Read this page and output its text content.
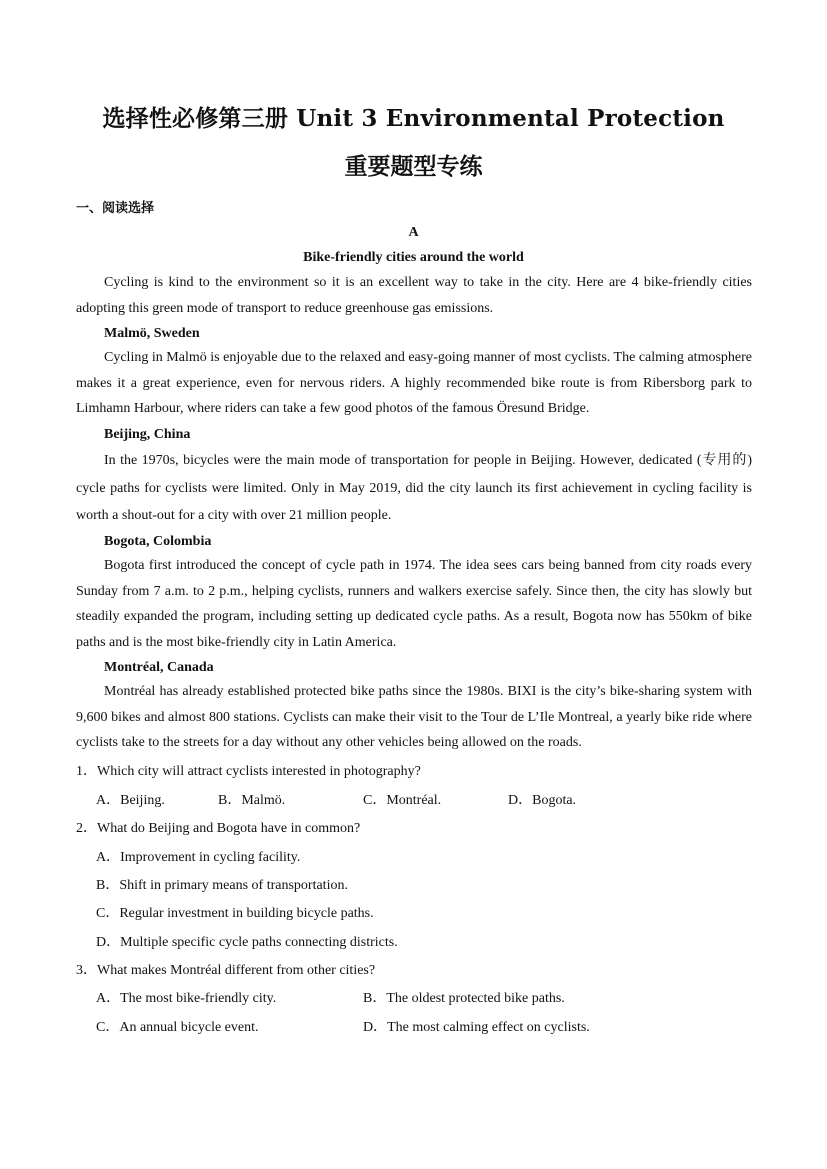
选择性必修第三册 Unit 3 Environmental Protection
重要题型专练
一、阅读选择
A
Bike-friendly cities around the world
Cycling is kind to the environment so it is an excellent way to take in the city. Here are 4 bike-friendly cities adopting this green mode of transport to reduce greenhouse gas emissions.
Malmö, Sweden
Cycling in Malmö is enjoyable due to the relaxed and easy-going manner of most cyclists. The calming atmosphere makes it a great experience, even for nervous riders. A highly recommended bike route is from Ribersborg park to Limhamn Harbour, where riders can take a few good photos of the famous Öresund Bridge.
Beijing, China
In the 1970s, bicycles were the main mode of transportation for people in Beijing. However, dedicated (专用的) cycle paths for cyclists were limited. Only in May 2019, did the city launch its first achievement in cycling facility is worth a shout-out for a city with over 21 million people.
Bogota, Colombia
Bogota first introduced the concept of cycle path in 1974. The idea sees cars being banned from city roads every Sunday from 7 a.m. to 2 p.m., helping cyclists, runners and walkers exercise safely. Since then, the city has slowly but steadily expanded the program, including setting up dedicated cycle paths. As a result, Bogota now has 550km of bike paths and is the most bike-friendly city in Latin America.
Montréal, Canada
Montréal has already established protected bike paths since the 1980s. BIXI is the city’s bike-sharing system with 9,600 bikes and almost 800 stations. Cyclists can make their visit to the Tour de L’Ile Montreal, a yearly bike ride where cyclists take to the streets for a day without any other vehicles being allowed on the roads.
1．Which city will attract cyclists interested in photography?
A．Beijing.	B．Malmö.	C．Montréal.	D．Bogota.
2．What do Beijing and Bogota have in common?
A．Improvement in cycling facility.
B．Shift in primary means of transportation.
C．Regular investment in building bicycle paths.
D．Multiple specific cycle paths connecting districts.
3．What makes Montréal different from other cities?
A．The most bike-friendly city.	B．The oldest protected bike paths.
C．An annual bicycle event.	D．The most calming effect on cyclists.
